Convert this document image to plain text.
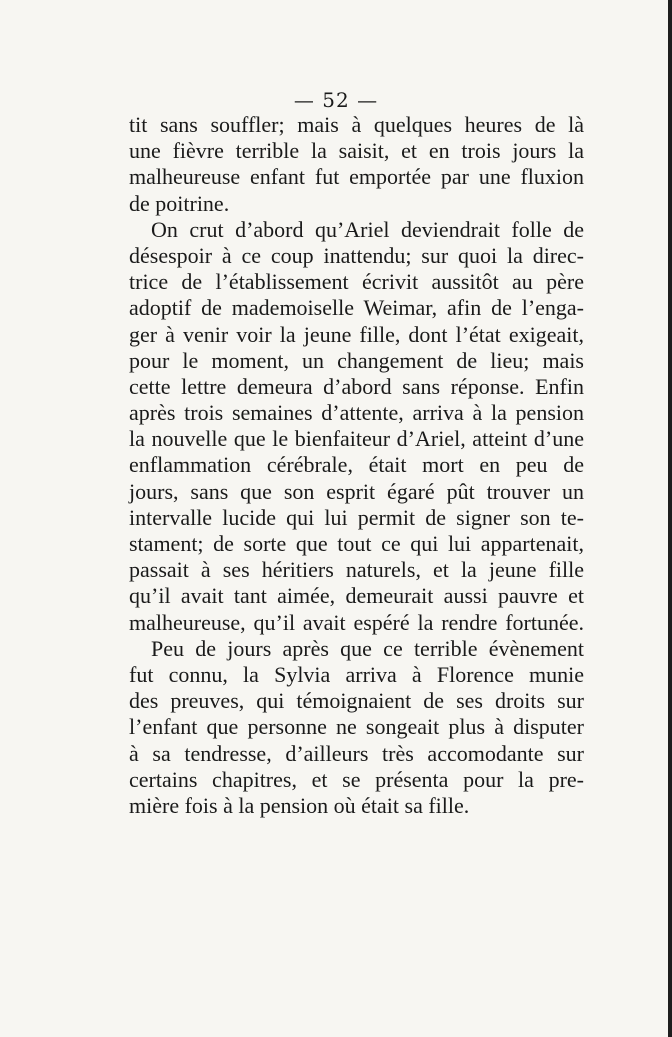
— 52 —
tit sans souffler; mais à quelques heures de là
une fièvre terrible la saisit, et en trois jours la
malheureuse enfant fut emportée par une fluxion
de poitrine.
On crut d’abord qu’Ariel deviendrait folle de
désespoir à ce coup inattendu; sur quoi la direc-
trice de l’établissement écrivit aussitôt au père
adoptif de mademoiselle Weimar, afin de l’enga-
ger à venir voir la jeune fille, dont l’état exigeait,
pour le moment, un changement de lieu; mais
cette lettre demeura d’abord sans réponse. Enfin
après trois semaines d’attente, arriva à la pension
la nouvelle que le bienfaiteur d’Ariel, atteint d’une
enflammation cérébrale, était mort en peu de
jours, sans que son esprit égaré pût trouver un
intervalle lucide qui lui permit de signer son te-
stament; de sorte que tout ce qui lui appartenait,
passait à ses héritiers naturels, et la jeune fille
qu’il avait tant aimée, demeurait aussi pauvre et
malheureuse, qu’il avait espéré la rendre fortunée.
Peu de jours après que ce terrible évènement
fut connu, la Sylvia arriva à Florence munie
des preuves, qui témoignaient de ses droits sur
l’enfant que personne ne songeait plus à disputer
à sa tendresse, d’ailleurs très accomodante sur
certains chapitres, et se présenta pour la pre-
mière fois à la pension où était sa fille.
